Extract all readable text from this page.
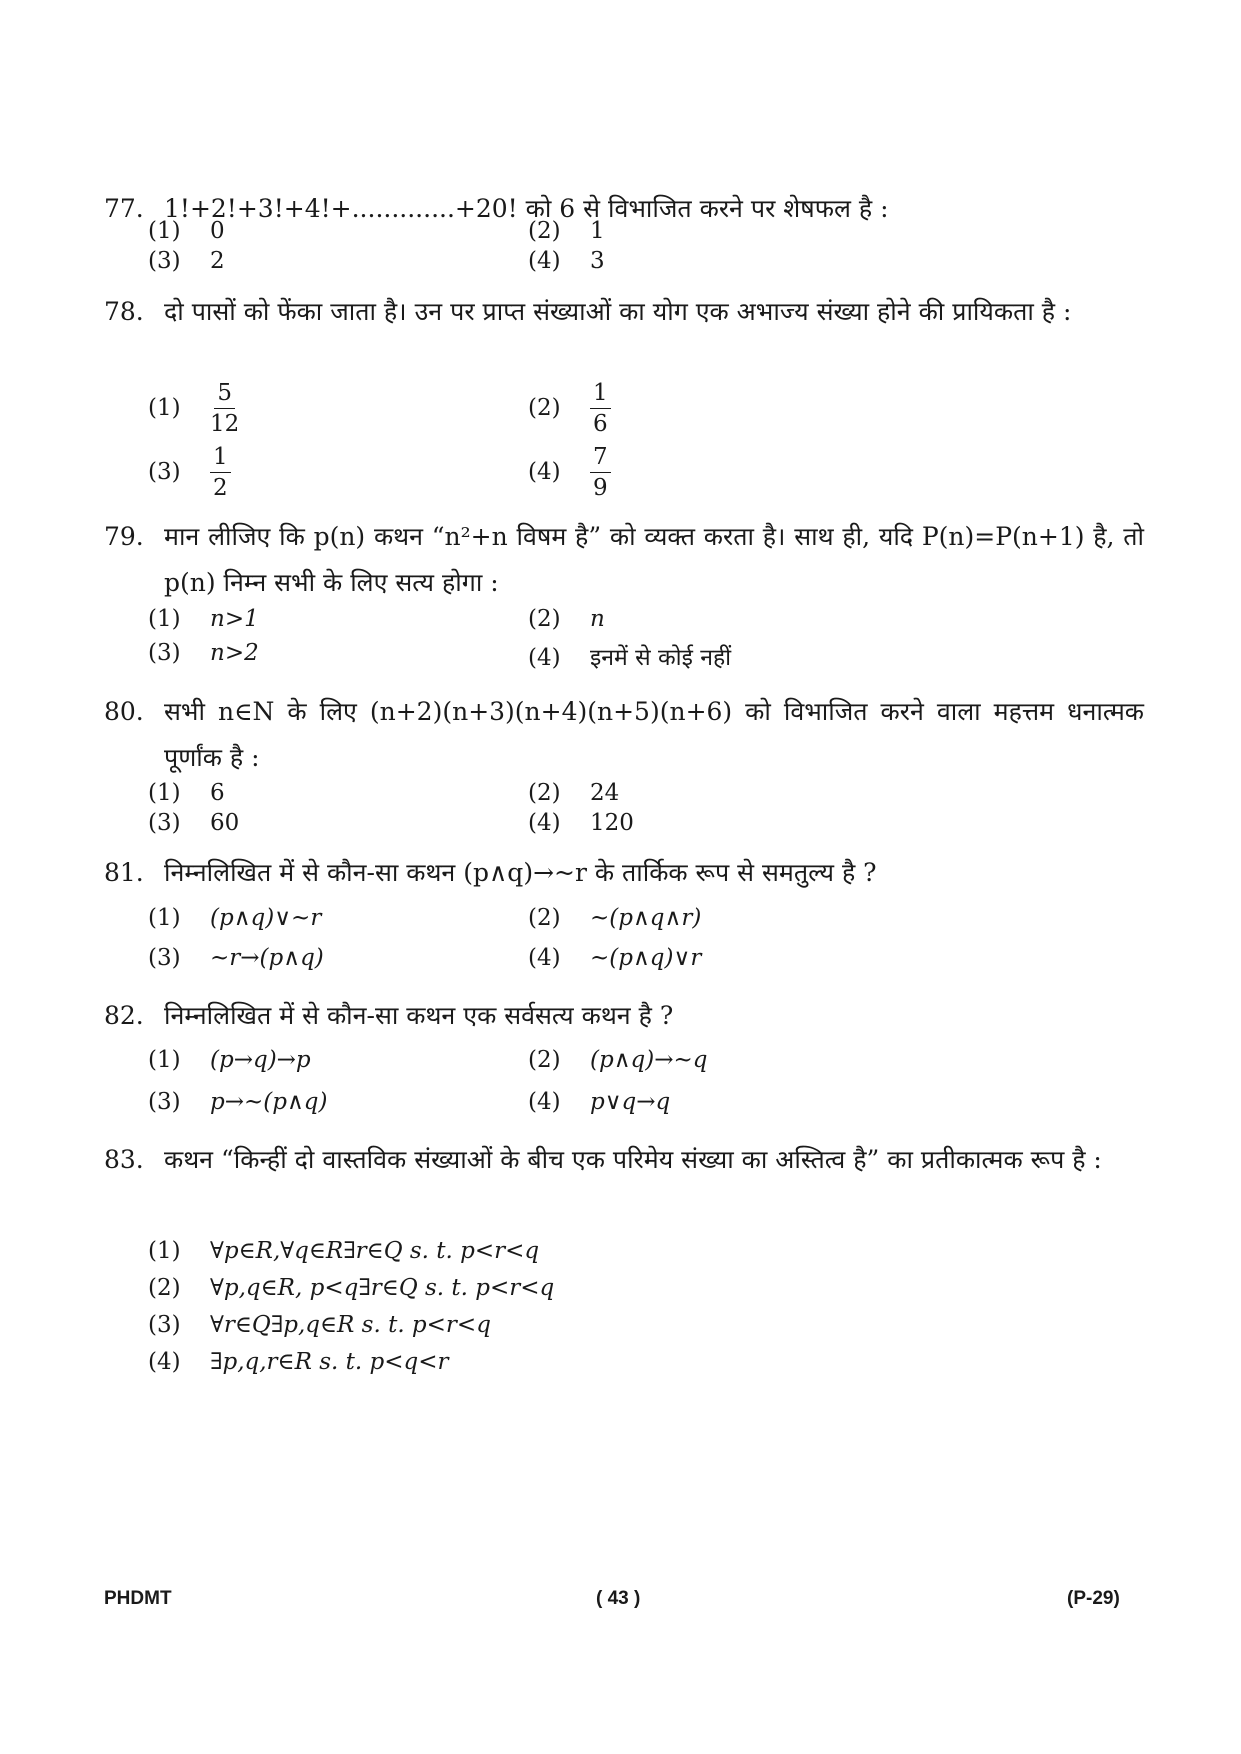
77. 1!+2!+3!+4!+.............+20! को 6 से विभाजित करने पर शेषफल है :
(1) 0	(2) 1
(3) 2	(4) 3
78. दो पासों को फेंका जाता है। उन पर प्राप्त संख्याओं का योग एक अभाज्य संख्या होने की प्रायिकता है :
$(1) \frac{5}{12}$	$(2) \frac{1}{6}$
$(3) \frac{1}{2}$	$(4) \frac{7}{9}$
79. मान लीजिए कि p(n) कथन “n²+n विषम है” को व्यक्त करता है। साथ ही, यदि P(n)=P(n+1) है, तो p(n) निम्न सभी के लिए सत्य होगा :
(1) n>1	(2) n
(3) n>2	(4) इनमें से कोई नहीं
80. सभी n∈N के लिए (n+2)(n+3)(n+4)(n+5)(n+6) को विभाजित करने वाला महत्तम धनात्मक पूर्णांक है :
(1) 6	(2) 24
(3) 60	(4) 120
81. निम्नलिखित में से कौन-सा कथन (p∧q)→~r के तार्किक रूप से समतुल्य है ?
(1) (p∧q)∨~r	(2) ~(p∧q∧r)
(3) ~r→(p∧q)	(4) ~(p∧q)∨r
82. निम्नलिखित में से कौन-सा कथन एक सर्वसत्य कथन है ?
(1) (p→q)→p	(2) (p∧q)→~q
(3) p→~(p∧q)	(4) p∨q→q
83. कथन “किन्हीं दो वास्तविक संख्याओं के बीच एक परिमेय संख्या का अस्तित्व है” का प्रतीकात्मक रूप है :
(1) ∀p∈R,∀q∈R∃r∈Q s. t. p<r<q
(2) ∀p,q∈R, p<q∃r∈Q s. t. p<r<q
(3) ∀r∈Q∃p,q∈R s. t. p<r<q
(4) ∃p,q,r∈R s. t. p<q<r
PHDMT	( 43 )	(P-29)
